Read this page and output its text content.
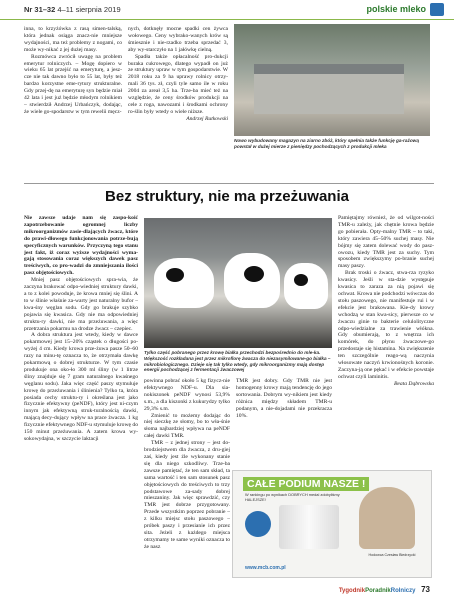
Nr 31–32 4–11 sierpnia 2019	polskie mleko

inna, to krzyżówka z rasą simen-talską, która jednak osiąga znacz-nie mniejsze wydajności, ma też problemy z nogami, co może wy-nikać z jej dużej masy.

Rozmówca zwrócił uwagę na problem emerytur rolniczych. – Mogę dopiero w wieku 65 lat przejść na emeryturę, a jesz-cze nie tak dawno było to 55 lat, były też bardzo korzystne eme-rytury strukturalne. Gdy przej-dę na emeryturę syn będzie miał 42 lata i jest już będzie młodym rolnikiem – stwierdził Andrzej Urbańczyk, dodając, że wiele go-spodarstw w tym rewelii męcz-

nych, dotknęły mocne spadki cen żywca wołowego. Ceny wybrako-wanych krów są śmiesznie i nie-rzadko trzeba sprzedać 3, aby wy-starczyło na 1 jałówkę cielną.

Spadła także opłacalność pro-dukcji buraka cukrowego, dlatego wypadł on już ze struktury upraw w tym gospodarstwie. W 2018 roku za 9 ha uprawy rolnicy otrzy-mali 36 tys. zł, czyli tyle samo ile w roku 2004 za areał 3,5 ha. Trze-ba mieć też na względzie, że ceny środków produkcji na cele z roga, nawozami i środkami ochrony ro-ślin były wtedy o wiele niższe.

Andrzej Rutkowski
Nowo wybudowany magazyn na ziarno zbóż, który spełnia także funkcję ga-rażową powstał w dużej mierze z pieniędzy pochodzących z produkcji mleka
Bez struktury, nie ma przeżuwania

Nie zawsze udaje nam się zaspo-koić zapotrzebowanie ogromnej liczby mikroorganizmów zasie-dlających żwacz, które do prawi-dłowego funkcjonowania potrze-bują specyficznych warunków. Przyczyną tego stanu jest fakt, iż coraz wyższe wydajności wyma-gają stosowania coraz większych dawek pasz treściwych, co pro-wadzi do zmniejszania ilości pasz objętościowych.

Mniej pasz objętościowych spra-wia, że zaczyna brakować odpo-wiedniej struktury dawki, a to z kolei powoduje, że krowa mniej się ślini. A to w śliniе właśnie za-warty jest naturalny bufor – kwa-śny węglan sodu. Gdy go brakuje szybko pojawia się kwasica. Gdy nie ma odpowiedniej struktu-ry dawki, nie ma przeżuwania, a więc przetrzania pokarmu na drodze żwacz – czepiec.

A dobra struktura jest wtedy, kiedy w dawce pokarmowej jest 15–20% cząstek o długości po-wyżej 4 cm. Kiedy krowa prze-żuwa pasze 50–60 razy na minu-tę oznacza to, że otrzymała dawkę pokarmową o dobrej strukturze. W tym czasie produkuje ona oko-ło 300 ml śliny (w 1 litrze śliny znajduje się 7 gram naturalnego kwaśnego węglanu sodu). Jaka więc część paszy stymuluje krowę do przeżuwania i ślinienia? Tylko ta, która posiada cechy struktu-ry i określana jest jako fizycznie efektywny (peNDF), który jest ni-czym innym jak efektywną struk-turalnością dawki, mającą decy-dujący wpływ na prace żwacza. 1 kg fizycznie efektywnego NDF-u stymuluje krowę do 150 minut przeżuwania. A zatem krowa wy-sokowydajna, w szczycie laktacji

Tylko część pobranego przez krowę białka przechodzi bezpośrednio do mle-ka. Większość rozkładana jest przez mikroflorę żwacza do niezasymilowane-go białka – mikrobiologicznego. Dzieje się tak tylko wtedy, gdy mikroorganizmy mają dostęp energii pochodzącej z fermentacji żwaczowej

powinna pobrać około 5 kg fizycz-nie efektywnego NDF-u. Dla sia-nokiszonek peNDF wynosi 53,9% s.m., a dla kiszonki z kukurydzy tylko 29,3% s.m.

Zmienić to możemy dodając do niej sieczkę ze słomy, bo to wła-śnie słoma najbardziej wpływa na peNDF całej dawki TMR.

TMR – z jednej strony – jest do-brodziejstwem dla żwacza, z dru-giej zaś, kiedy jest źle wykonany stanie się dla niego szkodliwy. Trze-ba zawsze pamiętać, że ten sam skład, ta sama wartość i ten sam stosunek pasz objętościowych do treściwych to trzy podstawowe za-sady dobrej mieszaniny. Jak więc sprawdzić, czy TMR jest dobrze przygotowany. Przede wszystkim poprzez pobranie – z kilku miejsc stołu paszowego – próbek paszy i przesianie ich przez sita. Jeżeli z każdego miejsca otrzymamy te same wyniki oznacza to że nasz

TMR jest dobry. Gdy TMR nie jest homogenny krowy mają tendencję do jego sortowania. Dobrym wy-nikiem jest kiedy różnica między składem TMR-u podanym, a nie-dojadami nie przekracza 10%.

Pamiętajmy również, że od wilgot-ności TMR-u zależy, jak chętnie krowa będzie go pobierała. Opty-malny TMR – to taki, który zawiera 45–50% suchej masy. Nie bójmy się zatem dolewać wody do pasz-owozu, kiedy TMR jest za suchy. Tym sposobem zwiększymy po-branie suchej masy paszy.

Brak troski o żwacz, stwa-rza ryzyko kwasicy. Jeśli w sta-dzie występuje kwasica to zaraza za nią pojawi się ochwat. Krowa nie podchodzi wówczas do stołu paszowego, nie manifestuje rui i w efekcie jest brakowana. Kie-dy krowy wchodzą w stan kwa-sicy, pierwsze co w żwaczu ginie to bakterie celulolityczne odpo-wiedzialne za trawienie włókna. Gdy obumierają, to z wnętrza ich komórek, do płynu żwaczowe-go przedostaje się histamina. Na zwiększenie ten szczególnie reago-wą naczynia włosowate naczyń krwionośnych koronie. Zaczyna-ją one pękać i w efekcie powstaje ochwat czyli laminitis.

Beata Dąbrowska
CAŁE PODIUM NASZE !
W rankingu po wynikach DOBRYCH medal zdobyliśmy HALEJSZE!
Hodowca Czesław Biedrzycki
www.mcb.com.pl
TygodnikPoradnikRolniczy 73
